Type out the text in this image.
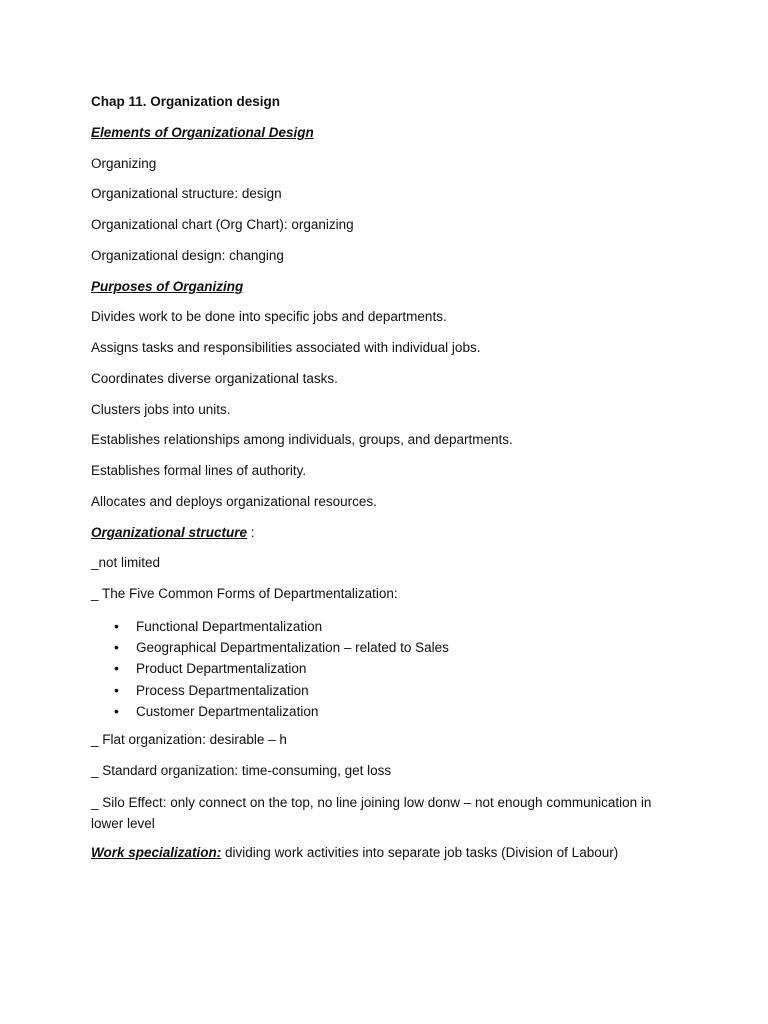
Chap 11. Organization design

Elements of Organizational Design

Organizing

Organizational structure: design

Organizational chart (Org Chart): organizing

Organizational design: changing

Purposes of Organizing

Divides work to be done into specific jobs and departments.

Assigns tasks and responsibilities associated with individual jobs.

Coordinates diverse organizational tasks.

Clusters jobs into units.

Establishes relationships among individuals, groups, and departments.

Establishes formal lines of authority.

Allocates and deploys organizational resources.

Organizational structure :

_not limited

_ The Five Common Forms of Departmentalization:

• Functional Departmentalization
• Geographical Departmentalization – related to Sales
• Product Departmentalization
• Process Departmentalization
• Customer Departmentalization

_ Flat organization: desirable – h

_ Standard organization: time-consuming, get loss

_ Silo Effect: only connect on the top, no line joining low donw – not enough communication in lower level

Work specialization: dividing work activities into separate job tasks (Division of Labour)
